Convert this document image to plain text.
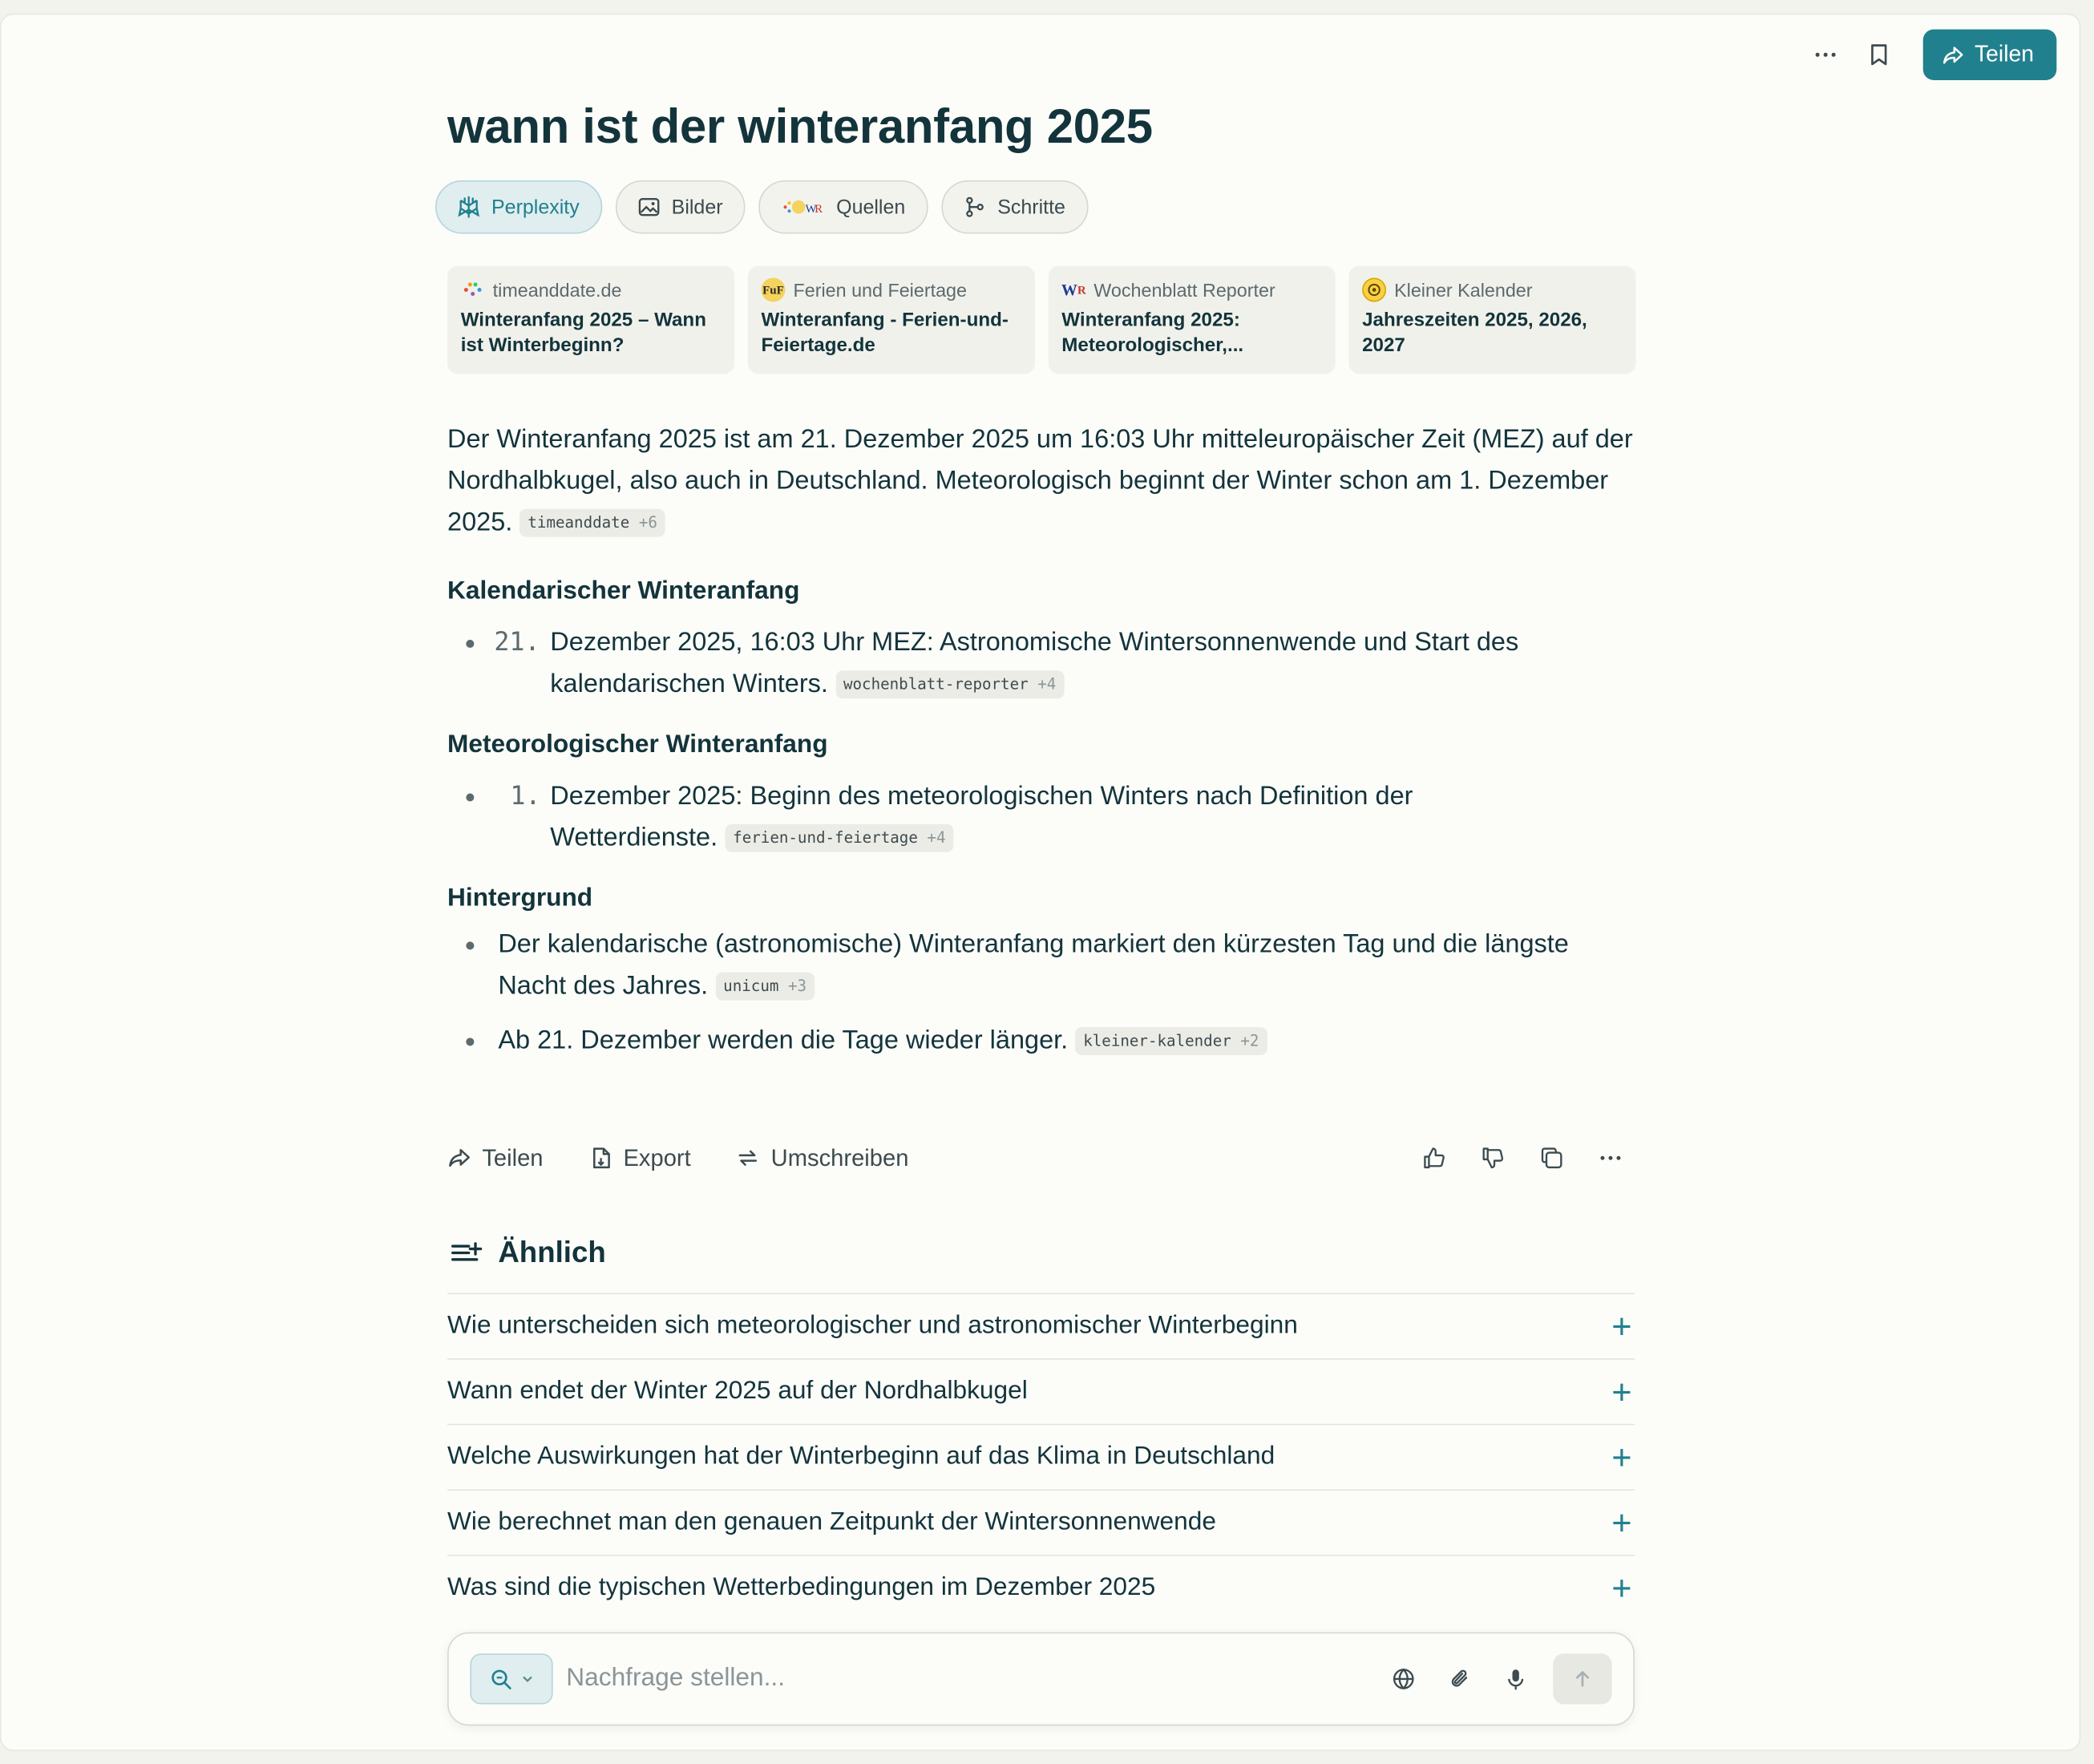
Teilen
wann ist der winteranfang 2025
Perplexity	Bilder	W
R Quellen	Schritte
timeanddate.de
Winteranfang 2025 – Wann ist Winterbeginn?
FuF Ferien und Feiertage
Winteranfang - Ferien-und-Feiertage.de
W R Wochenblatt Reporter
Winteranfang 2025: Meteorologischer,...
Kleiner Kalender
Jahreszeiten 2025, 2026, 2027

Der Winteranfang 2025 ist am 21. Dezember 2025 um 16:03 Uhr mitteleuropäischer Zeit (MEZ) auf der Nordhalbkugel, also auch in Deutschland. Meteorologisch beginnt der Winter schon am 1. Dezember 2025. timeanddate +6

Kalendarischer Winteranfang
21. Dezember 2025, 16:03 Uhr MEZ: Astronomische Wintersonnenwende und Start des kalendarischen Winters. wochenblatt-reporter +4
Meteorologischer Winteranfang
1. Dezember 2025: Beginn des meteorologischen Winters nach Definition der Wetterdienste. ferien-und-feiertage +4
Hintergrund
Der kalendarische (astronomische) Winteranfang markiert den kürzesten Tag und die längste Nacht des Jahres. unicum +3
Ab 21. Dezember werden die Tage wieder länger. kleiner-kalender +2
Teilen	Export	Umschreiben
Ähnlich
Wie unterscheiden sich meteorologischer und astronomischer Winterbeginn	+
Wann endet der Winter 2025 auf der Nordhalbkugel	+
Welche Auswirkungen hat der Winterbeginn auf das Klima in Deutschland	+
Wie berechnet man den genauen Zeitpunkt der Wintersonnenwende	+
Was sind die typischen Wetterbedingungen im Dezember 2025	+
Nachfrage stellen...
